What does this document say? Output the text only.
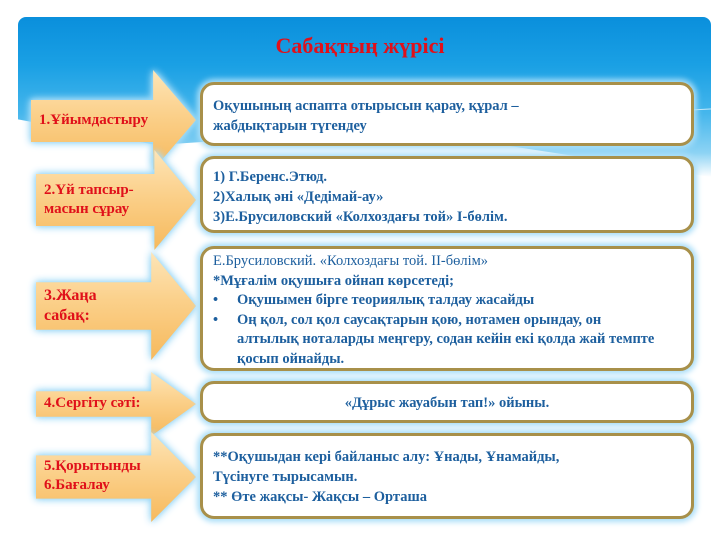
Сабақтың жүрісі
1.Ұйымдастыру
2.Үй тапсыр-
масын сұрау
3.Жаңа
сабақ:
4.Сергіту сәті:
5.Қорытынды
6.Бағалау
Оқушының аспапта отырысын қарау, құрал –
жабдықтарын түгендеу
1) Г.Беренс.Этюд.
2)Халық әні «Дедімай-ау»
3)Е.Брусиловский «Колхоздағы той» І-бөлім.
Е.Брусиловский. «Колхоздағы той. ІІ-бөлім»
*Мұғалім оқушыға ойнап көрсетеді;
•	Оқушымен бірге теориялық талдау жасайды
•	Оң қол, сол қол саусақтарын қою, нотамен орындау, он алтылық ноталарды меңгеру, содан кейін екі қолда жай темпте қосып ойнайды.
«Дұрыс жауабын тап!» ойыны.
**Оқушыдан кері байланыс алу: Ұнады, Ұнамайды,
Түсінуге тырысамын.
** Өте жақсы- Жақсы – Орташа
